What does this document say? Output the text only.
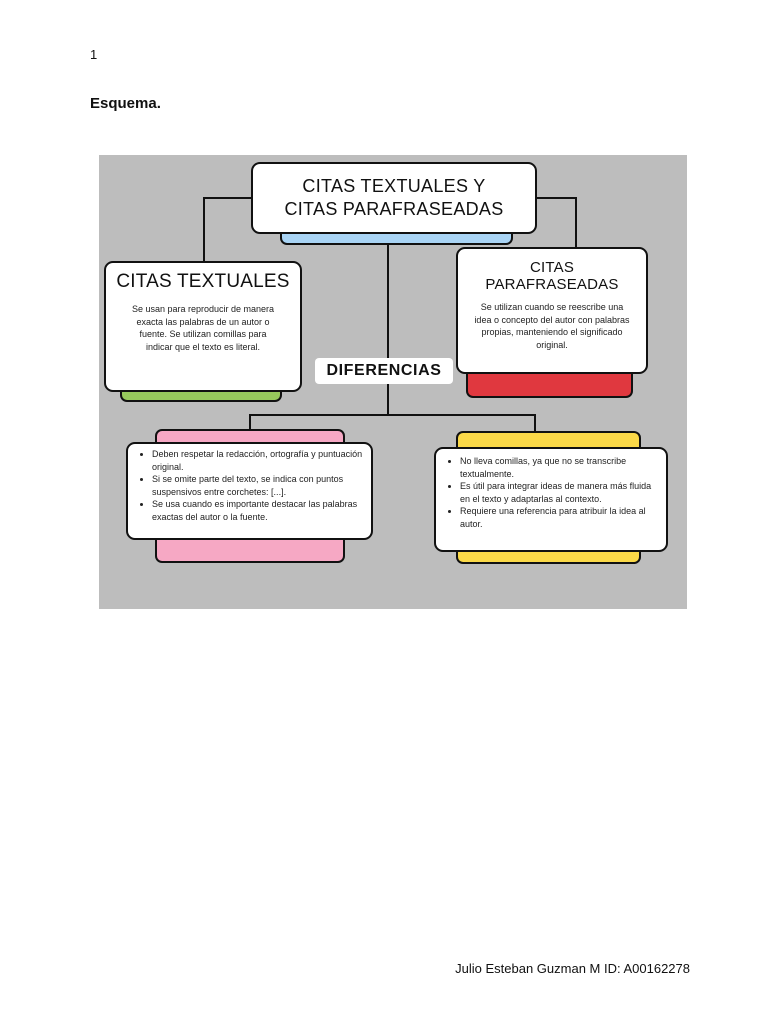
1
Esquema.
CITAS TEXTUALES Y
CITAS PARAFRASEADAS
CITAS TEXTUALES
Se usan para reproducir de manera exacta las palabras de un autor o fuente. Se utilizan comillas para indicar que el texto es literal.
CITAS PARAFRASEADAS
Se utilizan cuando se reescribe una idea o concepto del autor con palabras propias, manteniendo el significado original.
DIFERENCIAS
• Deben respetar la redacción, ortografía y puntuación original.
• Si se omite parte del texto, se indica con puntos suspensivos entre corchetes: [...].
• Se usa cuando es importante destacar las palabras exactas del autor o la fuente.
• No lleva comillas, ya que no se transcribe textualmente.
• Es útil para integrar ideas de manera más fluida en el texto y adaptarlas al contexto.
• Requiere una referencia para atribuir la idea al autor.
Julio Esteban Guzman M ID: A00162278
